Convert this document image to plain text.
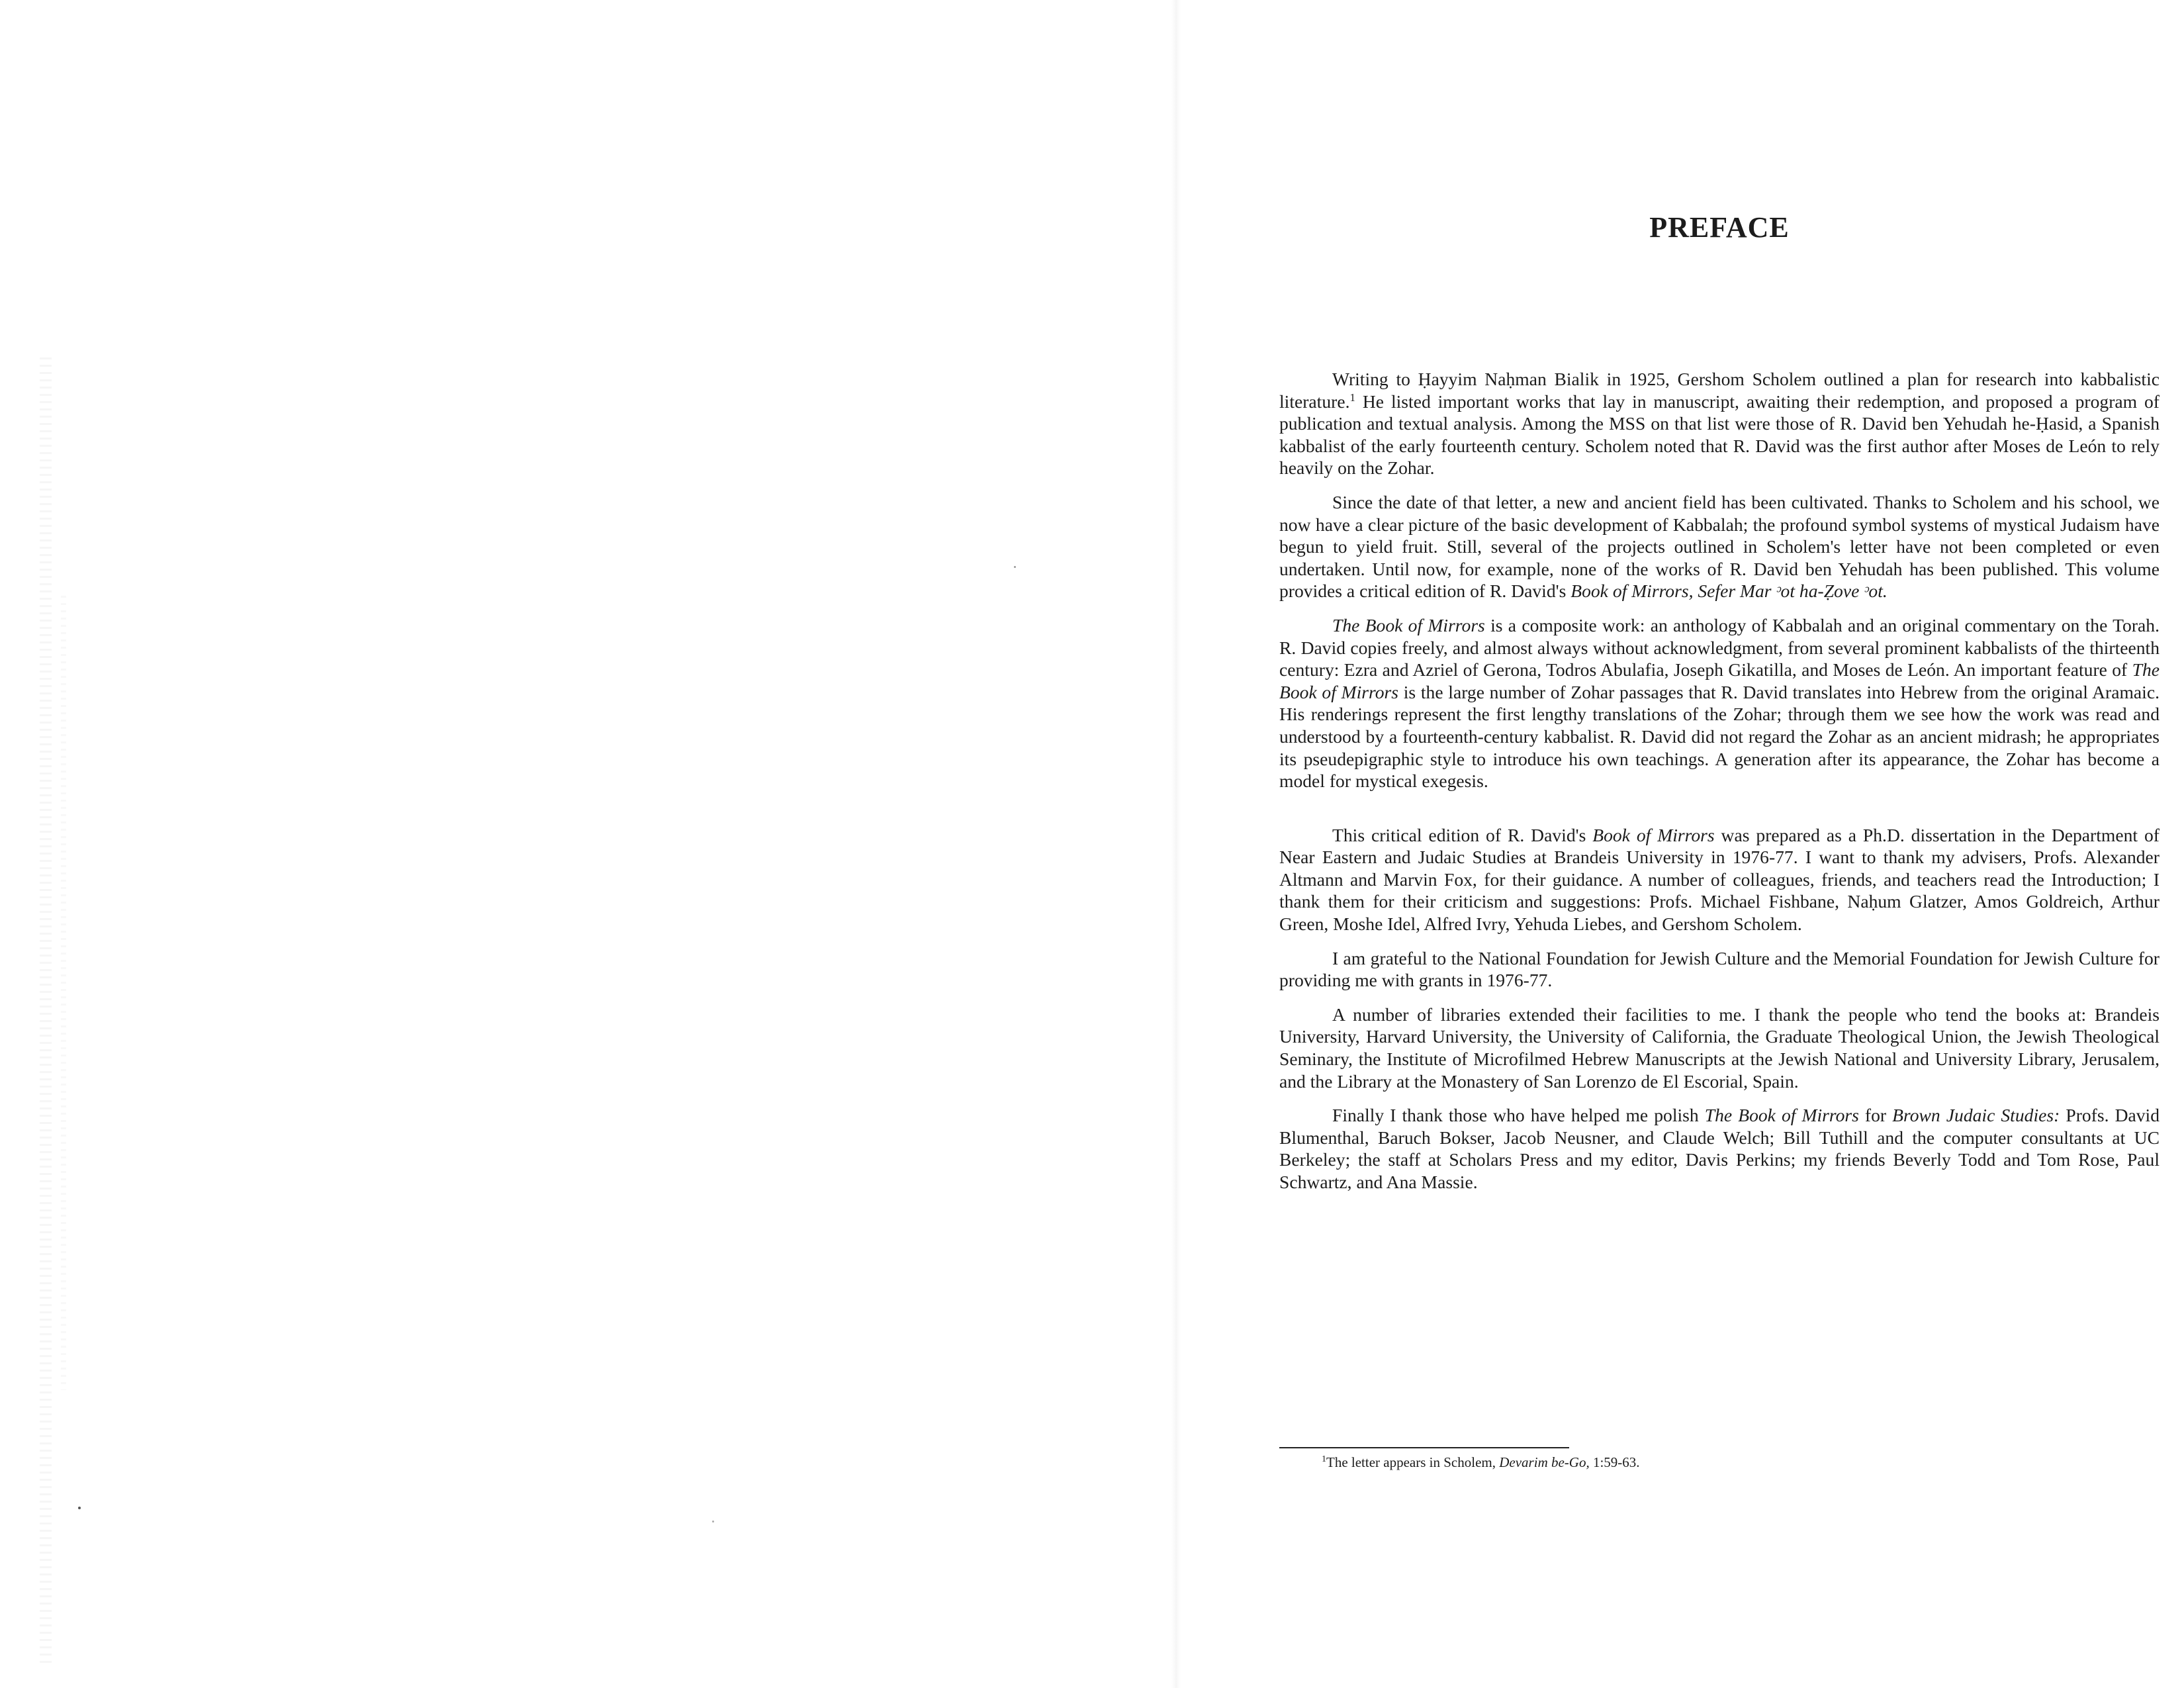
PREFACE

Writing to Ḥayyim Naḥman Bialik in 1925, Gershom Scholem outlined a plan for research into kabbalistic literature.$^1$ He listed important works that lay in manuscript, awaiting their redemption, and proposed a program of publication and textual analysis. Among the MSS on that list were those of R. David ben Yehudah he-Ḥasid, a Spanish kabbalist of the early fourteenth century. Scholem noted that R. David was the first author after Moses de León to rely heavily on the Zohar.

Since the date of that letter, a new and ancient field has been cultivated. Thanks to Scholem and his school, we now have a clear picture of the basic development of Kabbalah; the profound symbol systems of mystical Judaism have begun to yield fruit. Still, several of the projects outlined in Scholem's letter have not been completed or even undertaken. Until now, for example, none of the works of R. David ben Yehudah has been published. This volume provides a critical edition of R. David's Book of Mirrors, Sefer Mar ᵓot ha-Ẓove ᵓot.

The Book of Mirrors is a composite work: an anthology of Kabbalah and an original commentary on the Torah. R. David copies freely, and almost always without acknowledgment, from several prominent kabbalists of the thirteenth century: Ezra and Azriel of Gerona, Todros Abulafia, Joseph Gikatilla, and Moses de León. An important feature of The Book of Mirrors is the large number of Zohar passages that R. David translates into Hebrew from the original Aramaic. His renderings represent the first lengthy translations of the Zohar; through them we see how the work was read and understood by a fourteenth-century kabbalist. R. David did not regard the Zohar as an ancient midrash; he appropriates its pseudepigraphic style to introduce his own teachings. A generation after its appearance, the Zohar has become a model for mystical exegesis.

This critical edition of R. David's Book of Mirrors was prepared as a Ph.D. dissertation in the Department of Near Eastern and Judaic Studies at Brandeis University in 1976-77. I want to thank my advisers, Profs. Alexander Altmann and Marvin Fox, for their guidance. A number of colleagues, friends, and teachers read the Introduction; I thank them for their criticism and suggestions: Profs. Michael Fishbane, Naḥum Glatzer, Amos Goldreich, Arthur Green, Moshe Idel, Alfred Ivry, Yehuda Liebes, and Gershom Scholem.

I am grateful to the National Foundation for Jewish Culture and the Memorial Foundation for Jewish Culture for providing me with grants in 1976-77.

A number of libraries extended their facilities to me. I thank the people who tend the books at: Brandeis University, Harvard University, the University of California, the Graduate Theological Union, the Jewish Theological Seminary, the Institute of Microfilmed Hebrew Manuscripts at the Jewish National and University Library, Jerusalem, and the Library at the Monastery of San Lorenzo de El Escorial, Spain.

Finally I thank those who have helped me polish The Book of Mirrors for Brown Judaic Studies: Profs. David Blumenthal, Baruch Bokser, Jacob Neusner, and Claude Welch; Bill Tuthill and the computer consultants at UC Berkeley; the staff at Scholars Press and my editor, Davis Perkins; my friends Beverly Todd and Tom Rose, Paul Schwartz, and Ana Massie.

$^1$The letter appears in Scholem, Devarim be-Go, 1:59-63.
